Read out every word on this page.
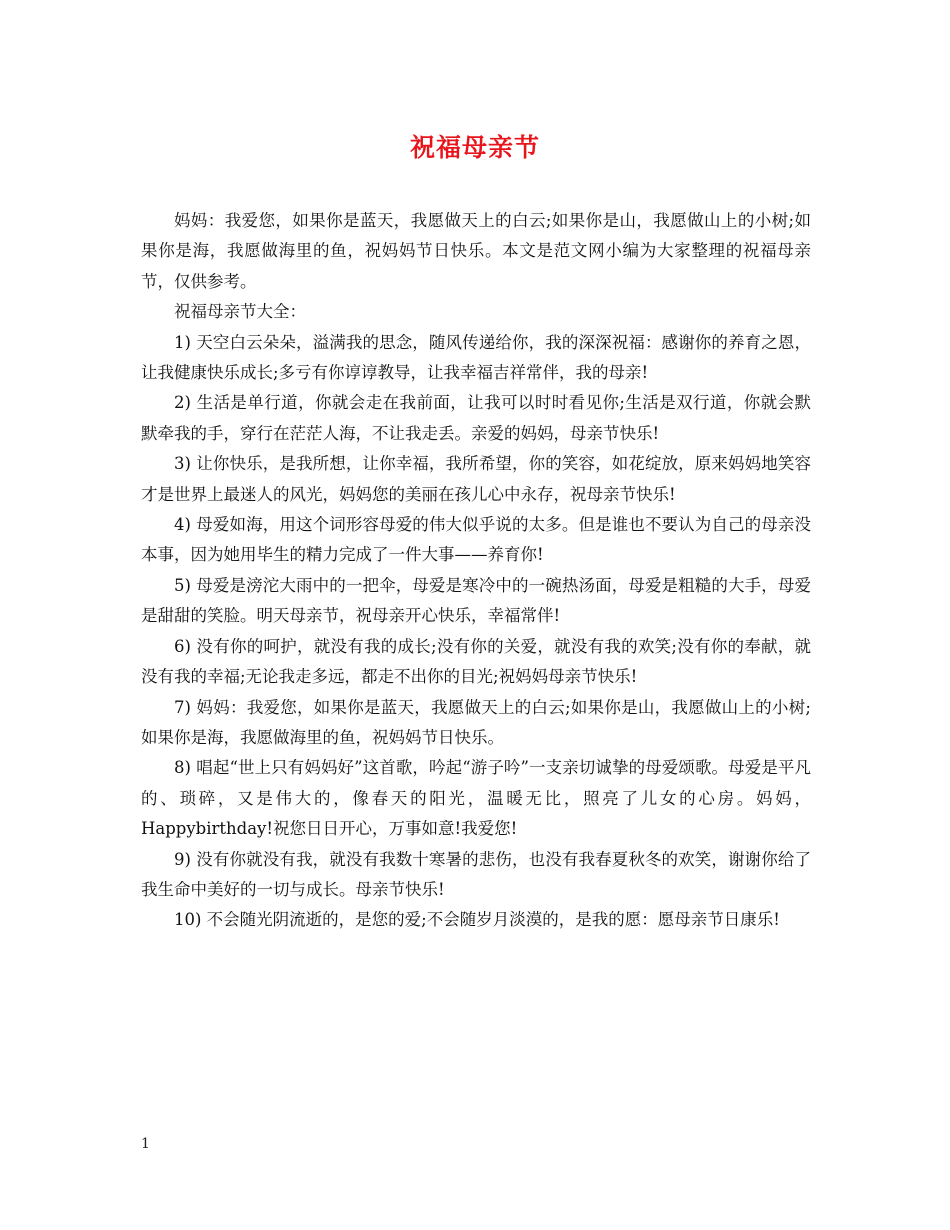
祝福母亲节

妈妈：我爱您，如果你是蓝天，我愿做天上的白云;如果你是山，我愿做山上的小树;如果你是海，我愿做海里的鱼，祝妈妈节日快乐。本文是范文网小编为大家整理的祝福母亲节，仅供参考。

祝福母亲节大全：

1) 天空白云朵朵，溢满我的思念，随风传递给你，我的深深祝福：感谢你的养育之恩，让我健康快乐成长;多亏有你谆谆教导，让我幸福吉祥常伴，我的母亲!

2) 生活是单行道，你就会走在我前面，让我可以时时看见你;生活是双行道，你就会默默牵我的手，穿行在茫茫人海，不让我走丢。亲爱的妈妈，母亲节快乐!

3) 让你快乐，是我所想，让你幸福，我所希望，你的笑容，如花绽放，原来妈妈地笑容才是世界上最迷人的风光，妈妈您的美丽在孩儿心中永存，祝母亲节快乐!

4) 母爱如海，用这个词形容母爱的伟大似乎说的太多。但是谁也不要认为自己的母亲没本事，因为她用毕生的精力完成了一件大事——养育你!

5) 母爱是滂沱大雨中的一把伞，母爱是寒冷中的一碗热汤面，母爱是粗糙的大手，母爱是甜甜的笑脸。明天母亲节，祝母亲开心快乐，幸福常伴!

6) 没有你的呵护，就没有我的成长;没有你的关爱，就没有我的欢笑;没有你的奉献，就没有我的幸福;无论我走多远，都走不出你的目光;祝妈妈母亲节快乐!

7) 妈妈：我爱您，如果你是蓝天，我愿做天上的白云;如果你是山，我愿做山上的小树;如果你是海，我愿做海里的鱼，祝妈妈节日快乐。

8) 唱起“世上只有妈妈好”这首歌，吟起“游子吟”一支亲切诚挚的母爱颂歌。母爱是平凡的、琐碎，又是伟大的，像春天的阳光，温暖无比，照亮了儿女的心房。妈妈，Happybirthday!祝您日日开心，万事如意!我爱您!

9) 没有你就没有我，就没有我数十寒暑的悲伤，也没有我春夏秋冬的欢笑，谢谢你给了我生命中美好的一切与成长。母亲节快乐!

10) 不会随光阴流逝的，是您的爱;不会随岁月淡漠的，是我的愿：愿母亲节日康乐!

1
